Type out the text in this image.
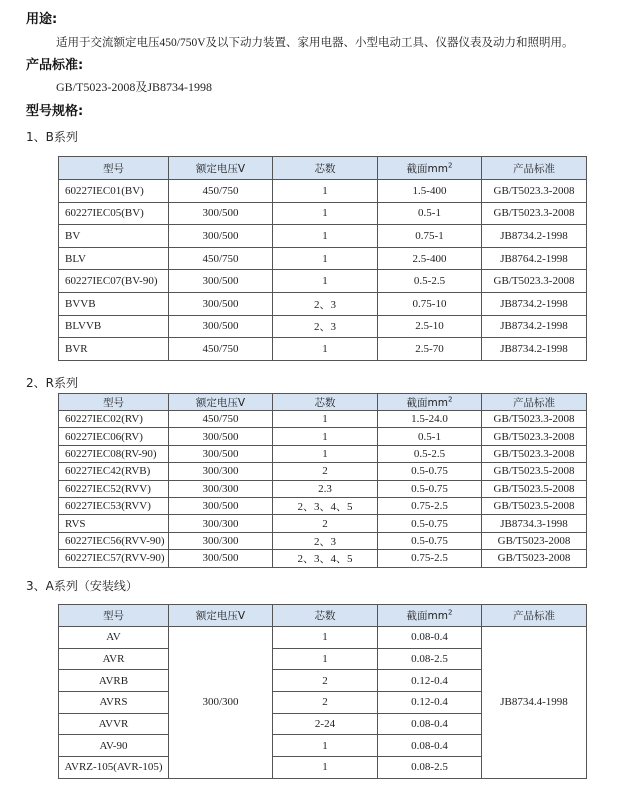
用途:
适用于交流额定电压450/750V及以下动力装置、家用电器、小型电动工具、仪器仪表及动力和照明用。
产品标准:
GB/T5023-2008及JB8734-1998
型号规格:
1、B系列
型号	额定电压V	芯数	截面$mm^2$	产品标准
60227IEC01(BV)	450/750	1	1.5-400	GB/T5023.3-2008
60227IEC05(BV)	300/500	1	0.5-1	GB/T5023.3-2008
BV	300/500	1	0.75-1	JB8734.2-1998
BLV	450/750	1	2.5-400	JB8764.2-1998
60227IEC07(BV-90)	300/500	1	0.5-2.5	GB/T5023.3-2008
BVVB	300/500	2、3	0.75-10	JB8734.2-1998
BLVVB	300/500	2、3	2.5-10	JB8734.2-1998
BVR	450/750	1	2.5-70	JB8734.2-1998
2、R系列
型号	额定电压V	芯数	截面$mm^2$	产品标准
60227IEC02(RV)	450/750	1	1.5-24.0	GB/T5023.3-2008
60227IEC06(RV)	300/500	1	0.5-1	GB/T5023.3-2008
60227IEC08(RV-90)	300/500	1	0.5-2.5	GB/T5023.3-2008
60227IEC42(RVB)	300/300	2	0.5-0.75	GB/T5023.5-2008
60227IEC52(RVV)	300/300	2.3	0.5-0.75	GB/T5023.5-2008
60227IEC53(RVV)	300/500	2、3、4、5	0.75-2.5	GB/T5023.5-2008
RVS	300/300	2	0.5-0.75	JB8734.3-1998
60227IEC56(RVV-90)	300/300	2、3	0.5-0.75	GB/T5023-2008
60227IEC57(RVV-90)	300/500	2、3、4、5	0.75-2.5	GB/T5023-2008
3、A系列（安装线）
型号	额定电压V	芯数	截面$mm^2$	产品标准
AV	300/300	1	0.08-0.4	JB8734.4-1998
AVR		1	0.08-2.5	
AVRB		2	0.12-0.4	
AVRS		2	0.12-0.4	
AVVR		2-24	0.08-0.4	
AV-90		1	0.08-0.4	
AVRZ-105(AVR-105)		1	0.08-2.5	
